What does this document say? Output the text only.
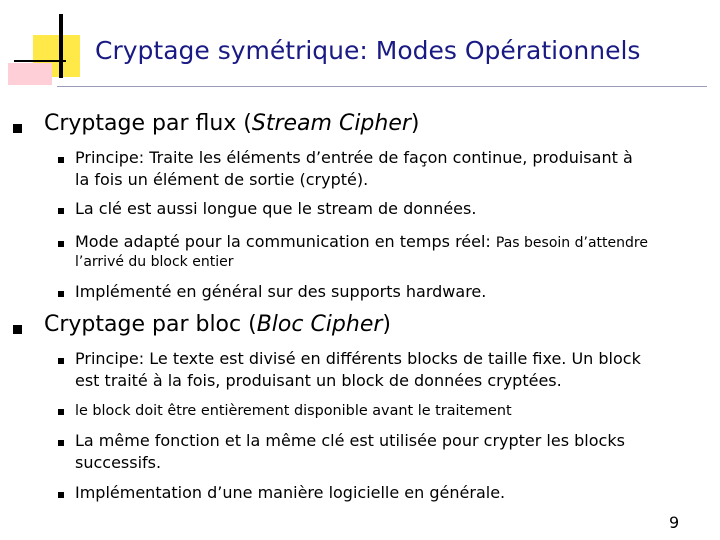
Cryptage symétrique: Modes Opérationnels
Cryptage par flux (Stream Cipher)
Principe: Traite les éléments d’entrée de façon continue, produisant à
la fois un élément de sortie (crypté).
La clé est aussi longue que le stream de données.
Mode adapté pour la communication en temps réel: Pas besoin d’attendre
l’arrivé du block entier
Implémenté en général sur des supports hardware.
Cryptage par bloc (Bloc Cipher)
Principe: Le texte est divisé en différents blocks de taille fixe. Un block
est traité à la fois, produisant un block de données cryptées.
le block doit être entièrement disponible avant le traitement
La même fonction et la même clé est utilisée pour crypter les blocks
successifs.
Implémentation d’une manière logicielle en générale.
9
